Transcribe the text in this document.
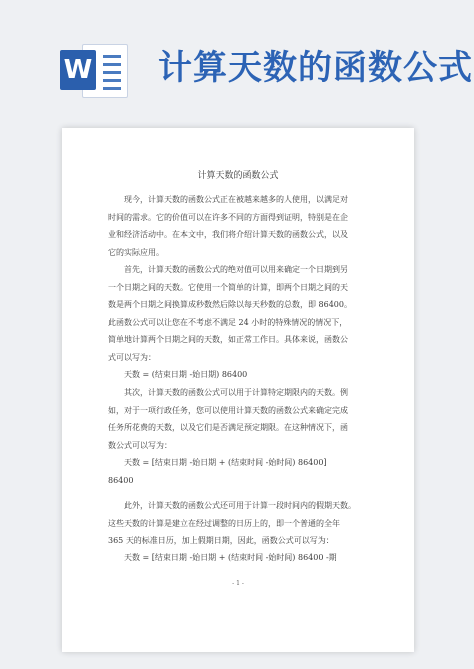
W 计算天数的函数公式
计算天数的函数公式
　　现今，计算天数的函数公式正在被越来越多的人使用，以满足对
时间的需求。它的价值可以在许多不同的方面得到证明，特别是在企
业和经济活动中。在本文中，我们将介绍计算天数的函数公式，以及
它的实际应用。
　　首先，计算天数的函数公式的绝对值可以用来确定一个日期到另
一个日期之间的天数。它使用一个简单的计算，即两个日期之间的天
数是两个日期之间换算成秒数然后除以每天秒数的总数，即 86400。
此函数公式可以让您在不考虑不满足 24 小时的特殊情况的情况下，
简单地计算两个日期之间的天数，如正常工作日。具体来说，函数公
式可以写为：
　　天数 = (结束日期 -始日期) 86400
　　其次，计算天数的函数公式可以用于计算特定期限内的天数。例
如，对于一项行政任务，您可以使用计算天数的函数公式来确定完成
任务所花费的天数，以及它们是否满足预定期限。在这种情况下，函
数公式可以写为：
　　天数 = [结束日期 -始日期 + (结束时间 -始时间) 86400]
86400
　　此外，计算天数的函数公式还可用于计算一段时间内的假期天数。
这些天数的计算是建立在经过调整的日历上的，即一个普通的全年
365 天的标准日历，加上假期日期，因此，函数公式可以写为：
　　天数 = [结束日期 -始日期 + (结束时间 -始时间) 86400 -期
- 1 -
